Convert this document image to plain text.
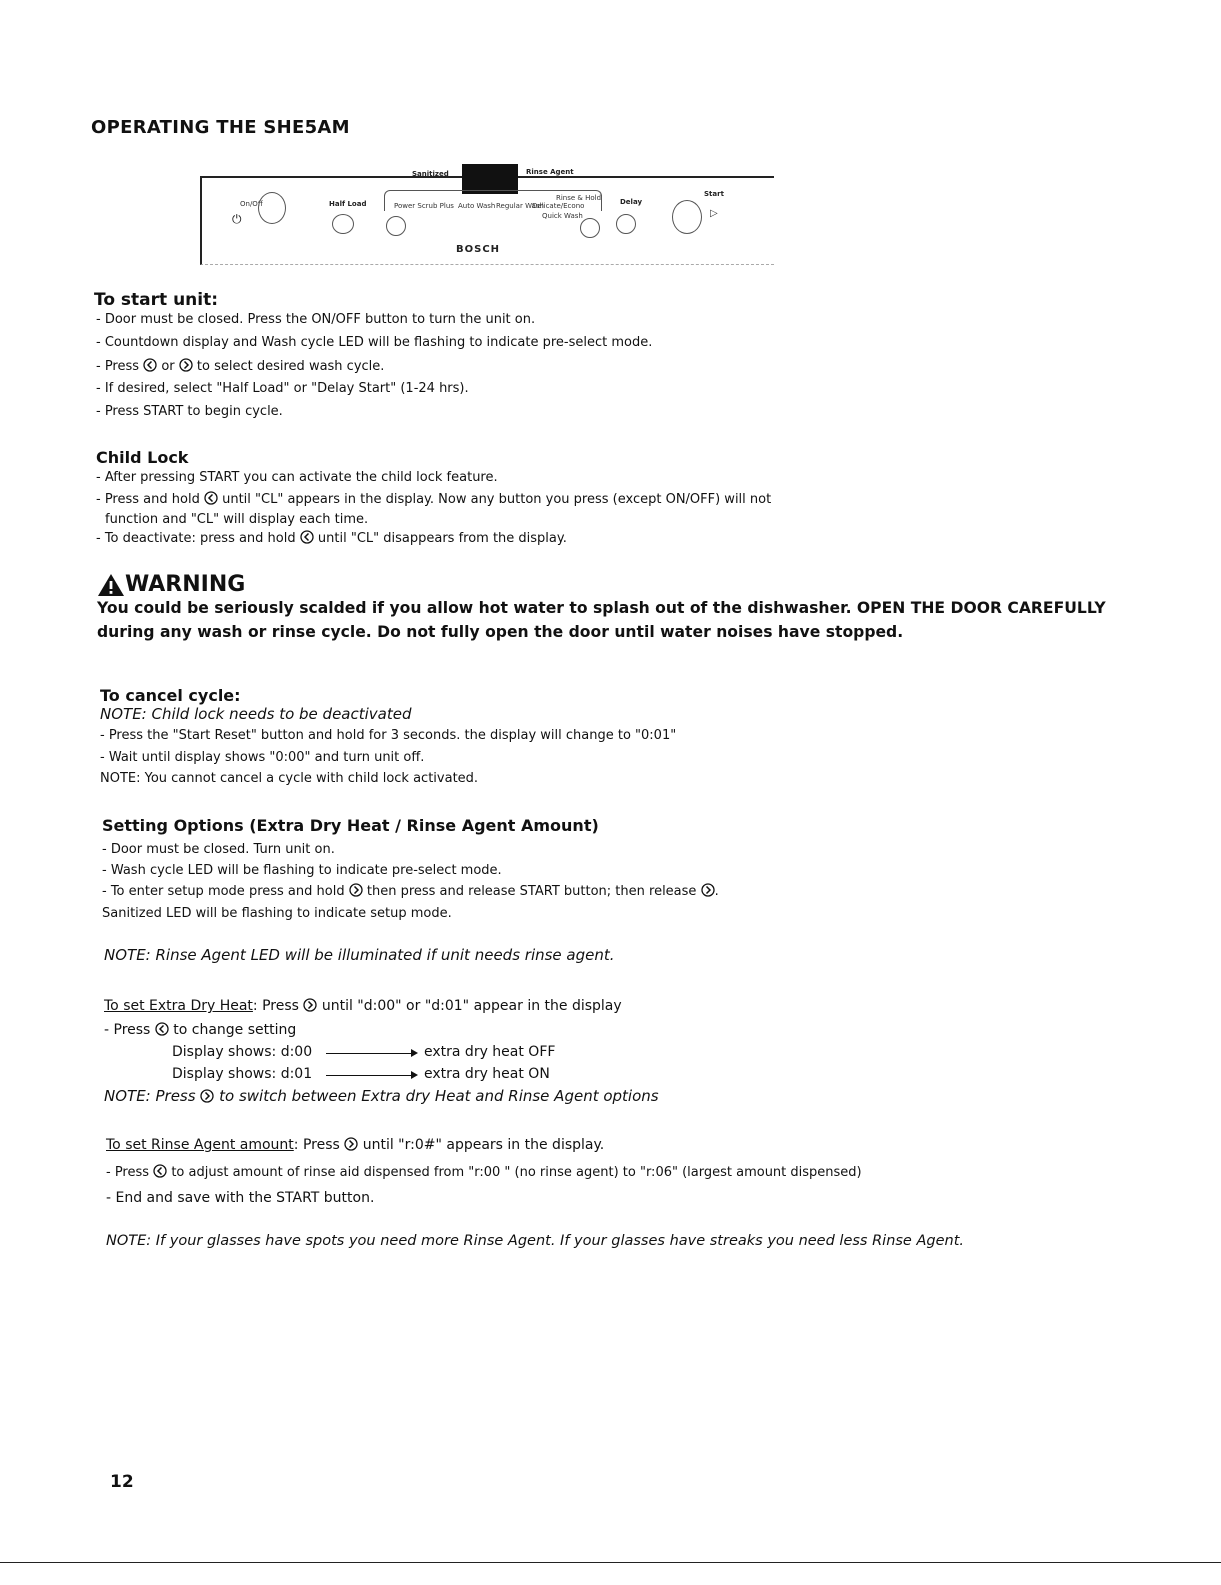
OPERATING THE SHE5AM
On/Off
⏻
Half Load
Sanitized	Rinse Agent
Power Scrub Plus Auto Wash Regular Wash
Delicate/Econo
Quick Wash
Rinse & Hold	Delay
Start
▷
BOSCH
To start unit:
- Door must be closed. Press the ON/OFF button to turn the unit on.
- Countdown display and Wash cycle LED will be flashing to indicate pre-select mode.
- Press or to select desired wash cycle.
- If desired, select "Half Load" or "Delay Start" (1-24 hrs).
- Press START to begin cycle.
Child Lock
- After pressing START you can activate the child lock feature.
- Press and hold until "CL" appears in the display. Now any button you press (except ON/OFF) will not
function and "CL" will display each time.
- To deactivate: press and hold until "CL" disappears from the display.
WARNING
You could be seriously scalded if you allow hot water to splash out of the dishwasher. OPEN THE DOOR CAREFULLY
during any wash or rinse cycle. Do not fully open the door until water noises have stopped.
To cancel cycle:
NOTE: Child lock needs to be deactivated
- Press the "Start Reset" button and hold for 3 seconds. the display will change to "0:01"
- Wait until display shows "0:00" and turn unit off.
NOTE: You cannot cancel a cycle with child lock activated.
Setting Options (Extra Dry Heat / Rinse Agent Amount)
- Door must be closed. Turn unit on.
- Wash cycle LED will be flashing to indicate pre-select mode.
- To enter setup mode press and hold then press and release START button; then release .
Sanitized LED will be flashing to indicate setup mode.
NOTE: Rinse Agent LED will be illuminated if unit needs rinse agent.
To set Extra Dry Heat: Press until "d:00" or "d:01" appear in the display
- Press to change setting
Display shows: d:00	extra dry heat OFF
Display shows: d:01	extra dry heat ON
NOTE: Press to switch between Extra dry Heat and Rinse Agent options
To set Rinse Agent amount: Press until "r:0#" appears in the display.
- Press to adjust amount of rinse aid dispensed from "r:00 " (no rinse agent) to "r:06" (largest amount dispensed)
- End and save with the START button.
NOTE: If your glasses have spots you need more Rinse Agent. If your glasses have streaks you need less Rinse Agent.
12
